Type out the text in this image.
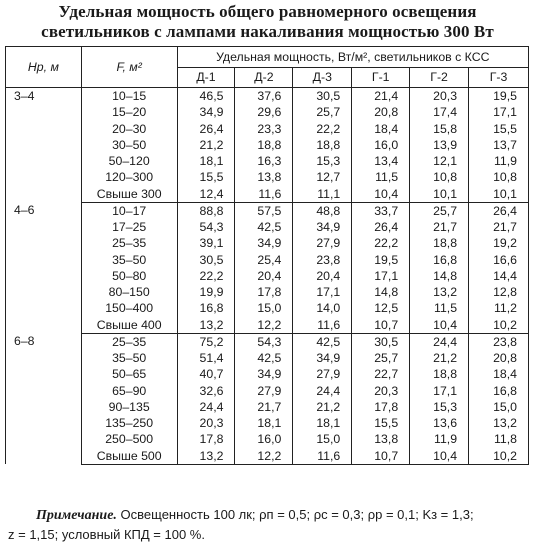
Удельная мощность общего равномерного освещения
светильников с лампами накаливания мощностью 300 Вт
Hр, м	F, м²	Удельная мощность, Вт/м², светильников с КСС					
		Д-1	Д-2	Д-3	Г-1	Г-2	Г-3
3–4	10–15	46,5	37,6	30,5	21,4	20,3	19,5
	15–20	34,9	29,6	25,7	20,8	17,4	17,1
	20–30	26,4	23,3	22,2	18,4	15,8	15,5
	30–50	21,2	18,8	18,8	16,0	13,9	13,7
	50–120	18,1	16,3	15,3	13,4	12,1	11,9
	120–300	15,5	13,8	12,7	11,5	10,8	10,8
	Свыше 300	12,4	11,6	11,1	10,4	10,1	10,1
4–6	10–17	88,8	57,5	48,8	33,7	25,7	26,4
	17–25	54,3	42,5	34,9	26,4	21,7	21,7
	25–35	39,1	34,9	27,9	22,2	18,8	19,2
	35–50	30,5	25,4	23,8	19,5	16,8	16,6
	50–80	22,2	20,4	20,4	17,1	14,8	14,4
	80–150	19,9	17,8	17,1	14,8	13,2	12,8
	150–400	16,8	15,0	14,0	12,5	11,5	11,2
	Свыше 400	13,2	12,2	11,6	10,7	10,4	10,2
6–8	25–35	75,2	54,3	42,5	30,5	24,4	23,8
	35–50	51,4	42,5	34,9	25,7	21,2	20,8
	50–65	40,7	34,9	27,9	22,7	18,8	18,4
	65–90	32,6	27,9	24,4	20,3	17,1	16,8
	90–135	24,4	21,7	21,2	17,8	15,3	15,0
	135–250	20,3	18,1	18,1	15,5	13,6	13,2
	250–500	17,8	16,0	15,0	13,8	11,9	11,8
	Свыше 500	13,2	12,2	11,6	10,7	10,4	10,2
Примечание. Освещенность 100 лк; ρп = 0,5; ρс = 0,3; ρр = 0,1; Kз = 1,3;
z = 1,15; условный КПД = 100 %.
